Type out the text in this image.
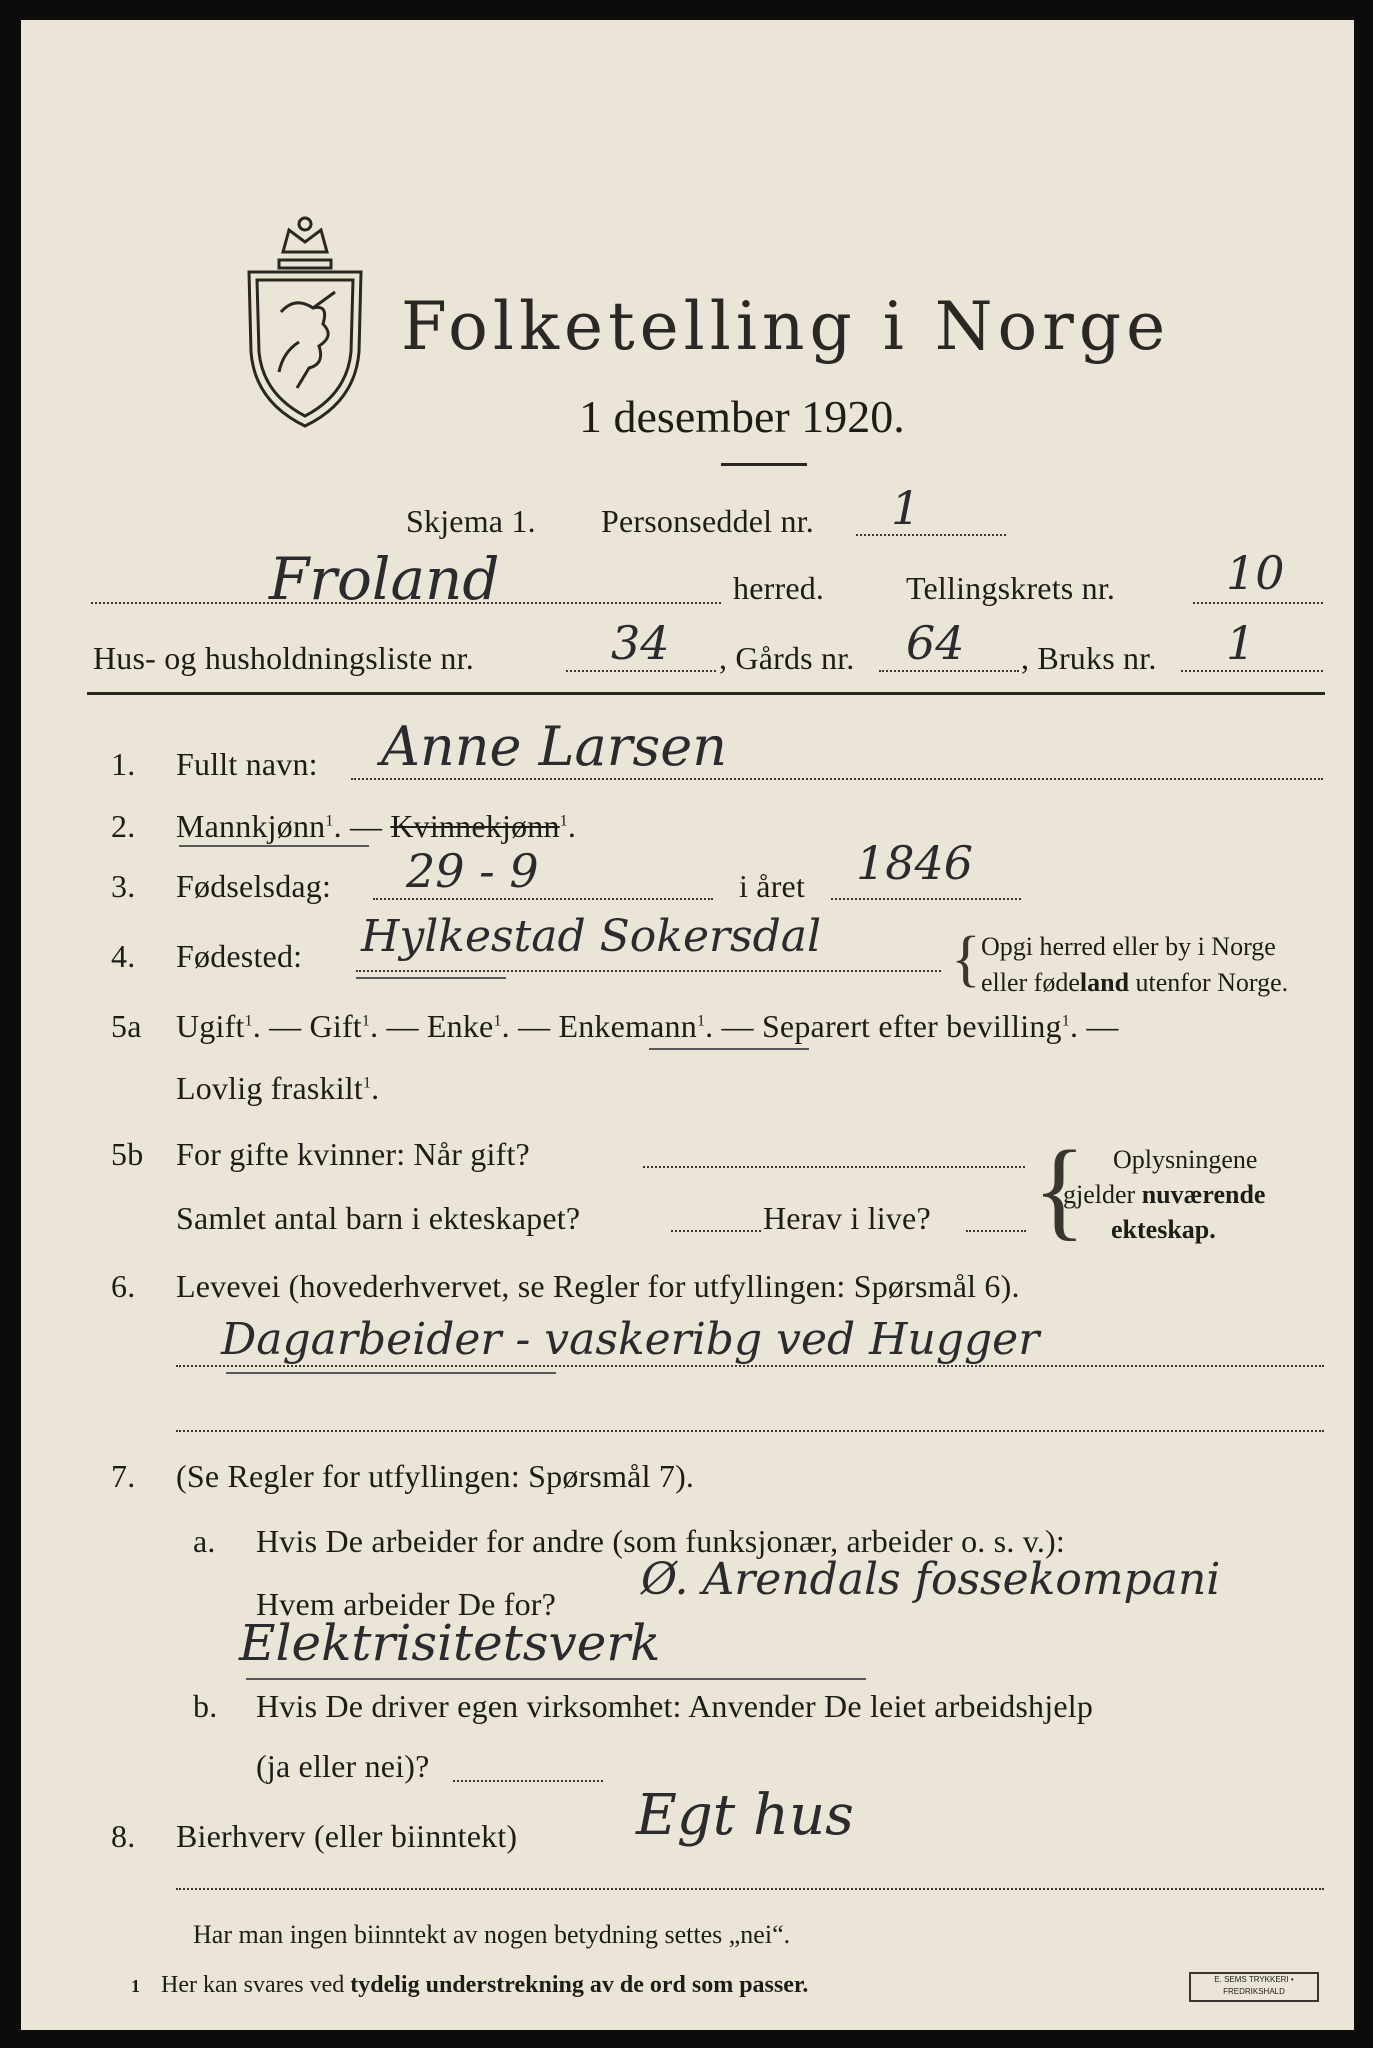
Folketelling i Norge
1 desember 1920.
Skjema 1. Personseddel nr. 1
Froland	herred.	Tellingskrets nr. 10
Hus- og husholdningsliste nr.	34 , Gårds nr. 64 , Bruks nr. 1
1. Fullt navn: Anne Larsen
2. Mannkjønn$^1$. — Kvinnekjønn$^1$.
3. Fødselsdag: 29 - 9	i året 1846
4. Fødested: Hylkestad Sokersdal { Opgi herred eller by i Norge
eller fødeland utenfor Norge.
5a Ugift$^1$. — Gift$^1$. — Enke$^1$. — Enkemann$^1$. — Separert efter bevilling$^1$. —
Lovlig fraskilt$^1$.
5b For gifte kvinner: Når gift?
Samlet antal barn i ekteskapet?	Herav i live? { Oplysningene
gjelder nuværende
ekteskap.
6. Levevei (hovederhvervet, se Regler for utfyllingen: Spørsmål 6).
Dagarbeider - vaskeribg ved Hugger
7. (Se Regler for utfyllingen: Spørsmål 7).
a. Hvis De arbeider for andre (som funksjonær, arbeider o. s. v.):
Hvem arbeider De for? Ø. Arendals fossekompani
Elektrisitetsverk
b. Hvis De driver egen virksomhet: Anvender De leiet arbeidshjelp
(ja eller nei)?
8. Bierhverv (eller biinntekt) Egt hus
Har man ingen biinntekt av nogen betydning settes „nei“.
1 Her kan svares ved tydelig understrekning av de ord som passer.	E. SEMS TRYKKERI • FREDRIKSHALD
